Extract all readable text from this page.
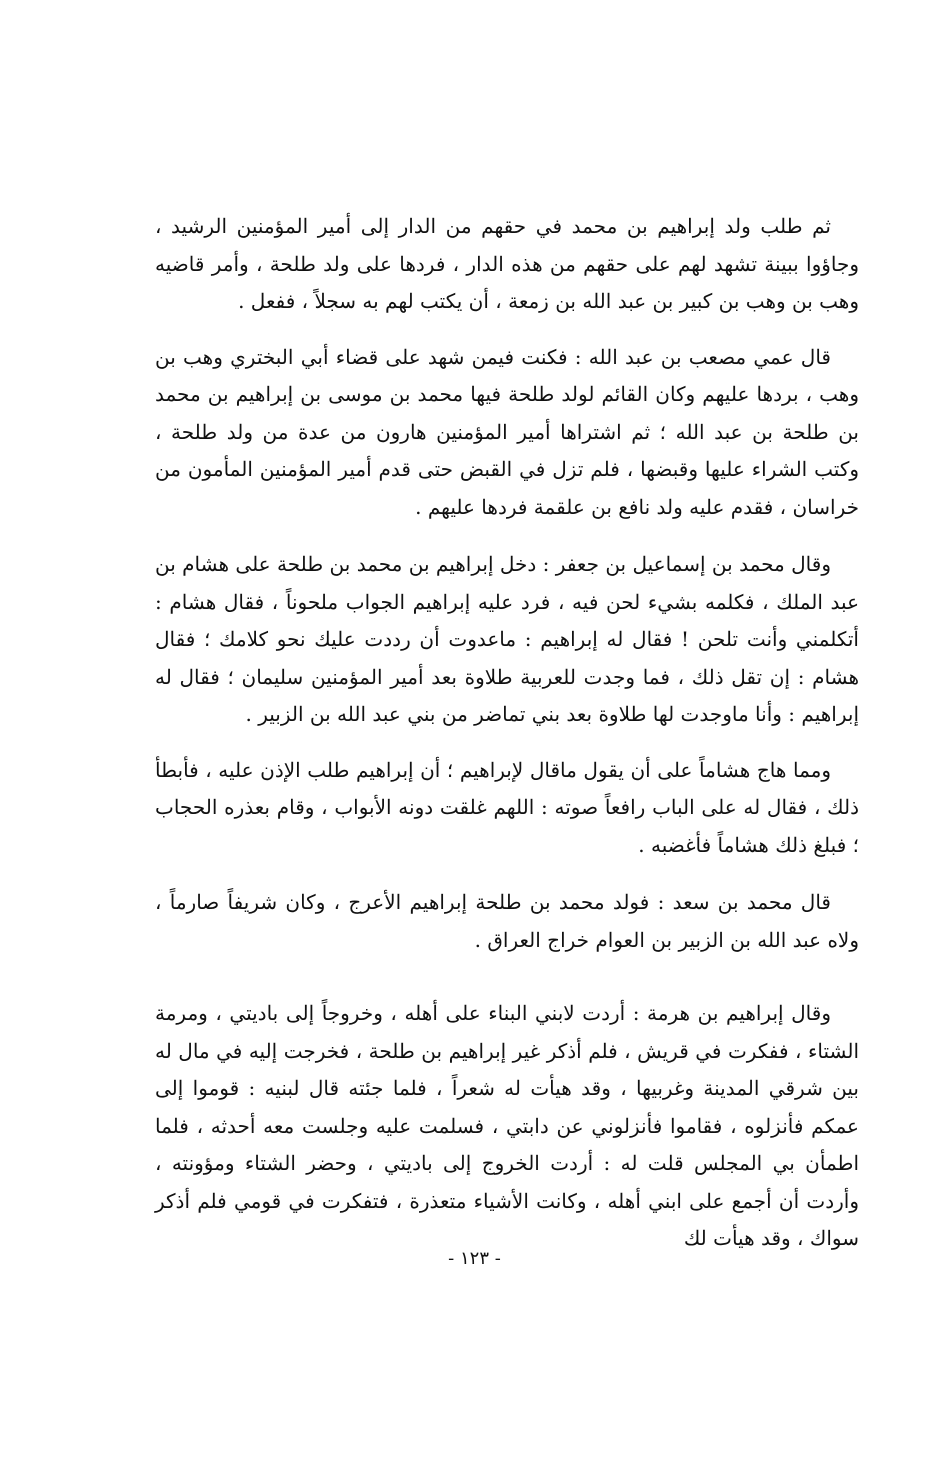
ثم طلب ولد إبراهيم بن محمد في حقهم من الدار إلى أمير المؤمنين الرشيد ، وجاؤوا ببينة تشهد لهم على حقهم من هذه الدار ، فردها على ولد طلحة ، وأمر قاضيه وهب بن وهب بن كبير بن عبد الله بن زمعة ، أن يكتب لهم به سجلاً ، ففعل .

قال عمي مصعب بن عبد الله : فكنت فيمن شهد على قضاء أبي البختري وهب بن وهب ، بردها عليهم وكان القائم لولد طلحة فيها محمد بن موسى بن إبراهيم بن محمد بن طلحة بن عبد الله ؛ ثم اشتراها أمير المؤمنين هارون من عدة من ولد طلحة ، وكتب الشراء عليها وقبضها ، فلم تزل في القبض حتى قدم أمير المؤمنين المأمون من خراسان ، فقدم عليه ولد نافع بن علقمة فردها عليهم .

وقال محمد بن إسماعيل بن جعفر : دخل إبراهيم بن محمد بن طلحة على هشام بن عبد الملك ، فكلمه بشيء لحن فيه ، فرد عليه إبراهيم الجواب ملحوناً ، فقال هشام : أتكلمني وأنت تلحن ! فقال له إبراهيم : ماعدوت أن رددت عليك نحو كلامك ؛ فقال هشام : إن تقل ذلك ، فما وجدت للعربية طلاوة بعد أمير المؤمنين سليمان ؛ فقال له إبراهيم : وأنا ماوجدت لها طلاوة بعد بني تماضر من بني عبد الله بن الزبير .

ومما هاج هشاماً على أن يقول ماقال لإبراهيم ؛ أن إبراهيم طلب الإذن عليه ، فأبطأ ذلك ، فقال له على الباب رافعاً صوته : اللهم غلقت دونه الأبواب ، وقام بعذره الحجاب ؛ فبلغ ذلك هشاماً فأغضبه .

قال محمد بن سعد : فولد محمد بن طلحة إبراهيم الأعرج ، وكان شريفاً صارماً ، ولاه عبد الله بن الزبير بن العوام خراج العراق .

وقال إبراهيم بن هرمة : أردت لابني البناء على أهله ، وخروجاً إلى باديتي ، ومرمة الشتاء ، ففكرت في قريش ، فلم أذكر غير إبراهيم بن طلحة ، فخرجت إليه في مال له بين شرقي المدينة وغربيها ، وقد هيأت له شعراً ، فلما جئته قال لبنيه : قوموا إلى عمكم فأنزلوه ، فقاموا فأنزلوني عن دابتي ، فسلمت عليه وجلست معه أحدثه ، فلما اطمأن بي المجلس قلت له : أردت الخروج إلى باديتي ، وحضر الشتاء ومؤونته ، وأردت أن أجمع على ابني أهله ، وكانت الأشياء متعذرة ، فتفكرت في قومي فلم أذكر سواك ، وقد هيأت لك

- ١٢٣ -
